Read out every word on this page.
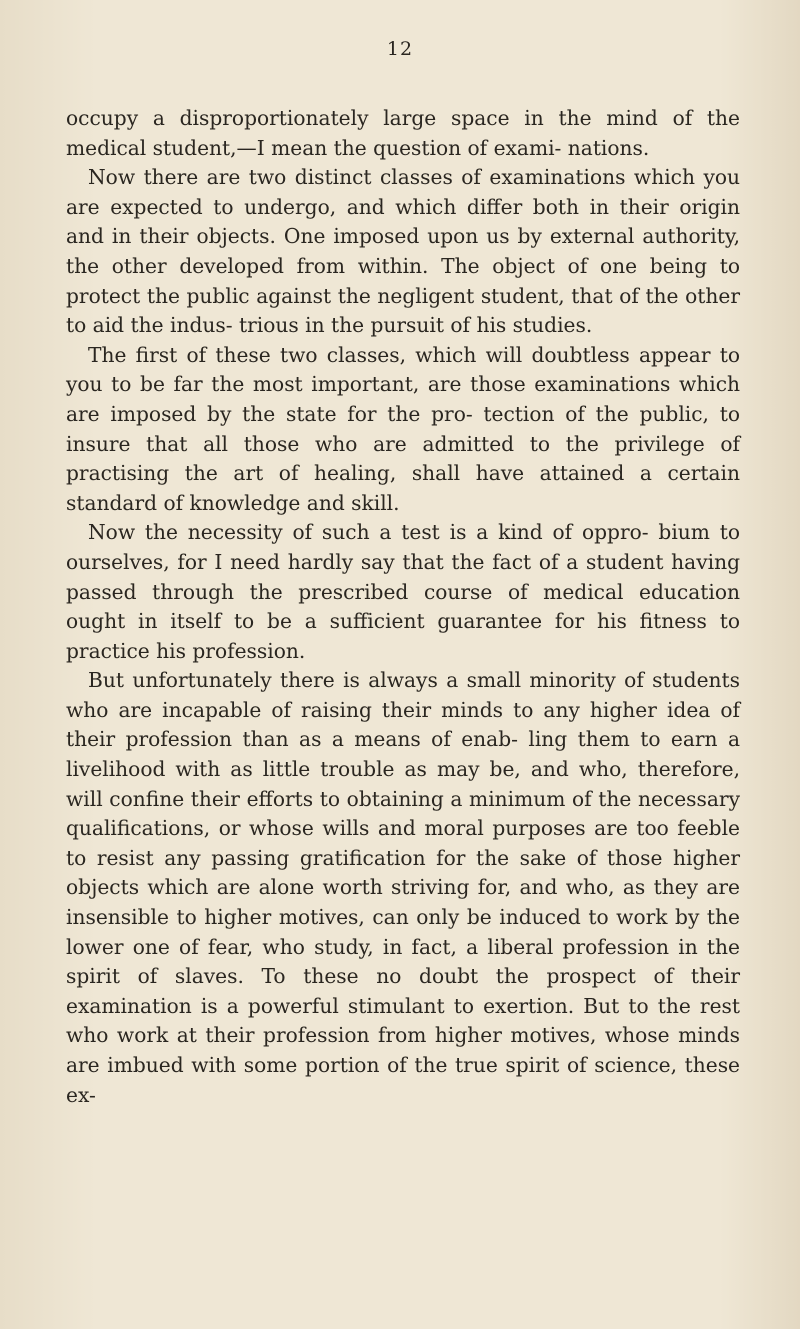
12

occupy a disproportionately large space in the mind of the medical student,—I mean the question of exami- nations.

Now there are two distinct classes of examinations which you are expected to undergo, and which differ both in their origin and in their objects. One imposed upon us by external authority, the other developed from within. The object of one being to protect the public against the negligent student, that of the other to aid the indus- trious in the pursuit of his studies.

The first of these two classes, which will doubtless appear to you to be far the most important, are those examinations which are imposed by the state for the pro- tection of the public, to insure that all those who are admitted to the privilege of practising the art of healing, shall have attained a certain standard of knowledge and skill.

Now the necessity of such a test is a kind of oppro- bium to ourselves, for I need hardly say that the fact of a student having passed through the prescribed course of medical education ought in itself to be a sufficient guarantee for his fitness to practice his profession.

But unfortunately there is always a small minority of students who are incapable of raising their minds to any higher idea of their profession than as a means of enab- ling them to earn a livelihood with as little trouble as may be, and who, therefore, will confine their efforts to obtaining a minimum of the necessary qualifications, or whose wills and moral purposes are too feeble to resist any passing gratification for the sake of those higher objects which are alone worth striving for, and who, as they are insensible to higher motives, can only be induced to work by the lower one of fear, who study, in fact, a liberal profession in the spirit of slaves. To these no doubt the prospect of their examination is a powerful stimulant to exertion. But to the rest who work at their profession from higher motives, whose minds are imbued with some portion of the true spirit of science, these ex-
